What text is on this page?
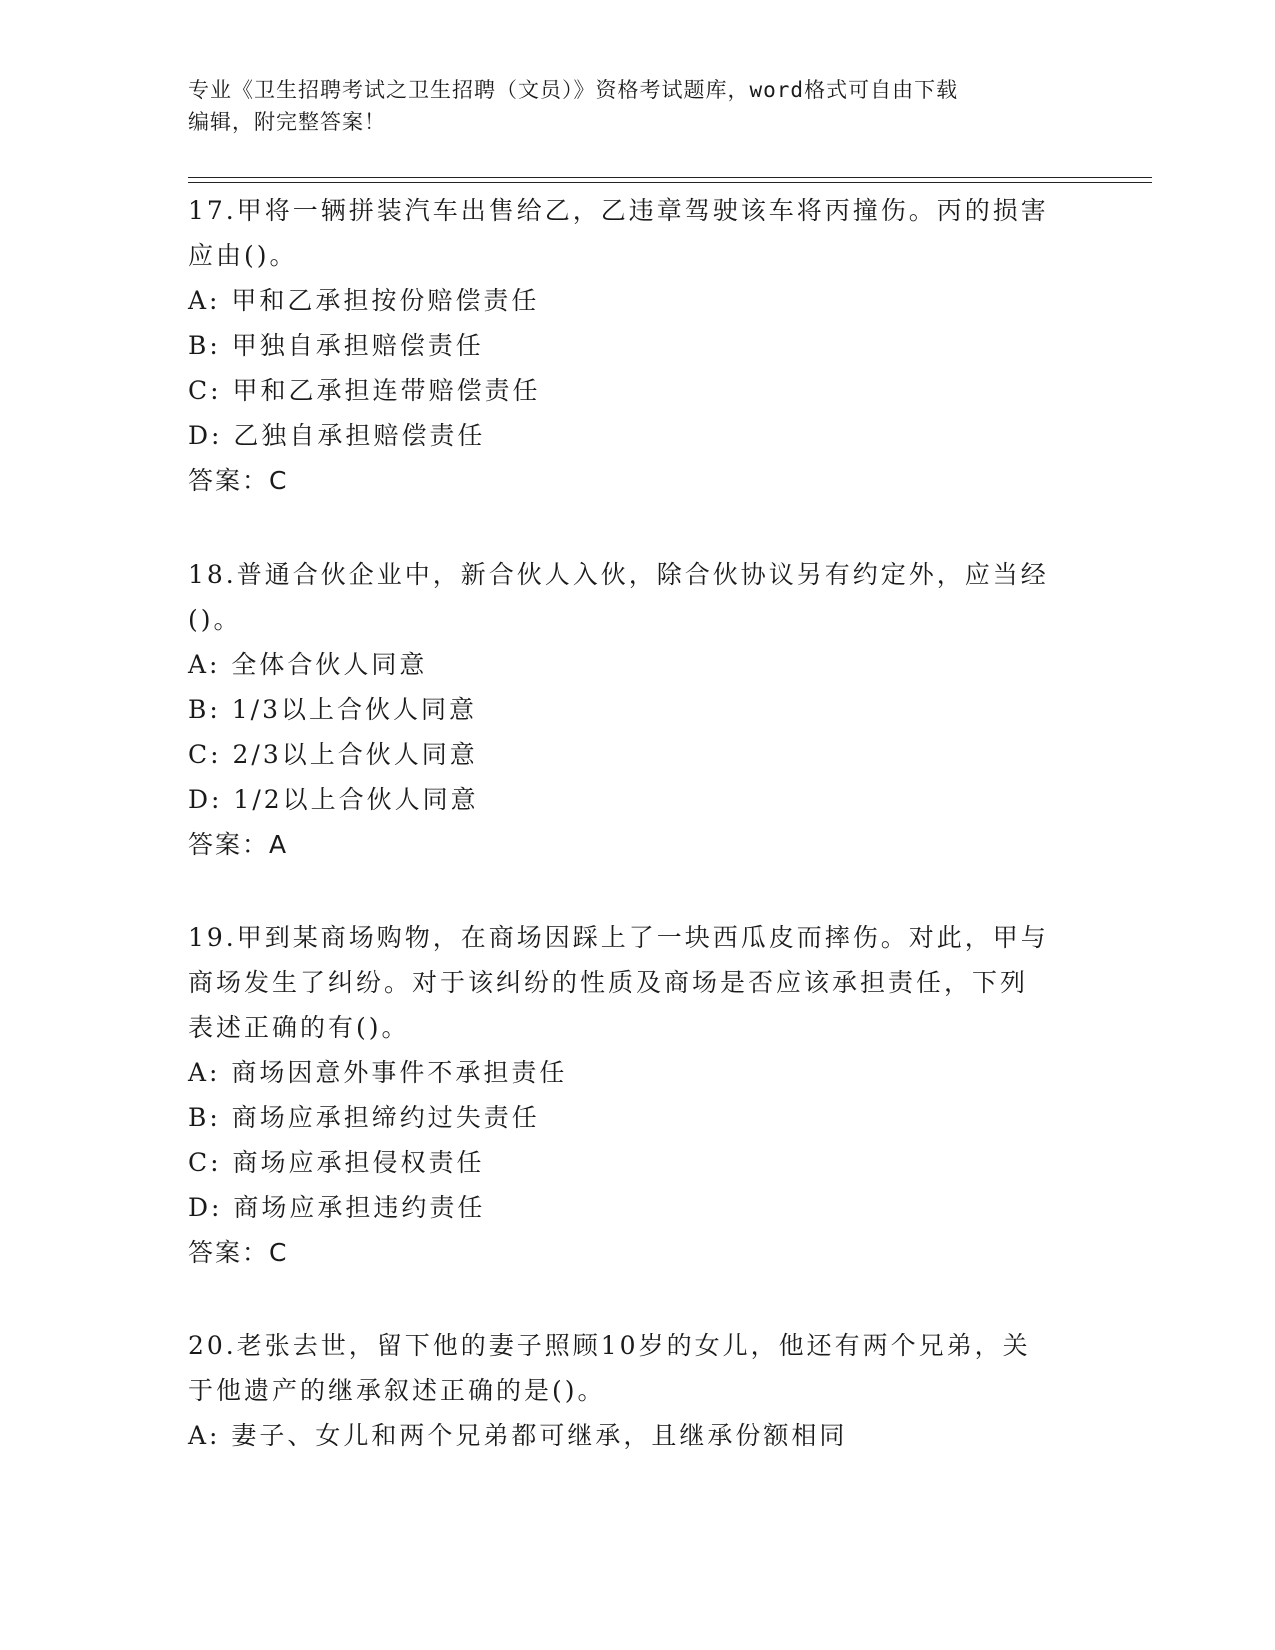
专业《卫生招聘考试之卫生招聘（文员）》资格考试题库，word格式可自由下载
编辑，附完整答案！
17.甲将一辆拼装汽车出售给乙，乙违章驾驶该车将丙撞伤。丙的损害
应由()。
A: 甲和乙承担按份赔偿责任
B: 甲独自承担赔偿责任
C: 甲和乙承担连带赔偿责任
D: 乙独自承担赔偿责任
答案：C
18.普通合伙企业中，新合伙人入伙，除合伙协议另有约定外，应当经
()。
A: 全体合伙人同意
B: 1/3以上合伙人同意
C: 2/3以上合伙人同意
D: 1/2以上合伙人同意
答案：A
19.甲到某商场购物，在商场因踩上了一块西瓜皮而摔伤。对此，甲与
商场发生了纠纷。对于该纠纷的性质及商场是否应该承担责任，下列
表述正确的有()。
A: 商场因意外事件不承担责任
B: 商场应承担缔约过失责任
C: 商场应承担侵权责任
D: 商场应承担违约责任
答案：C
20.老张去世，留下他的妻子照顾10岁的女儿，他还有两个兄弟，关
于他遗产的继承叙述正确的是()。
A: 妻子、女儿和两个兄弟都可继承，且继承份额相同
